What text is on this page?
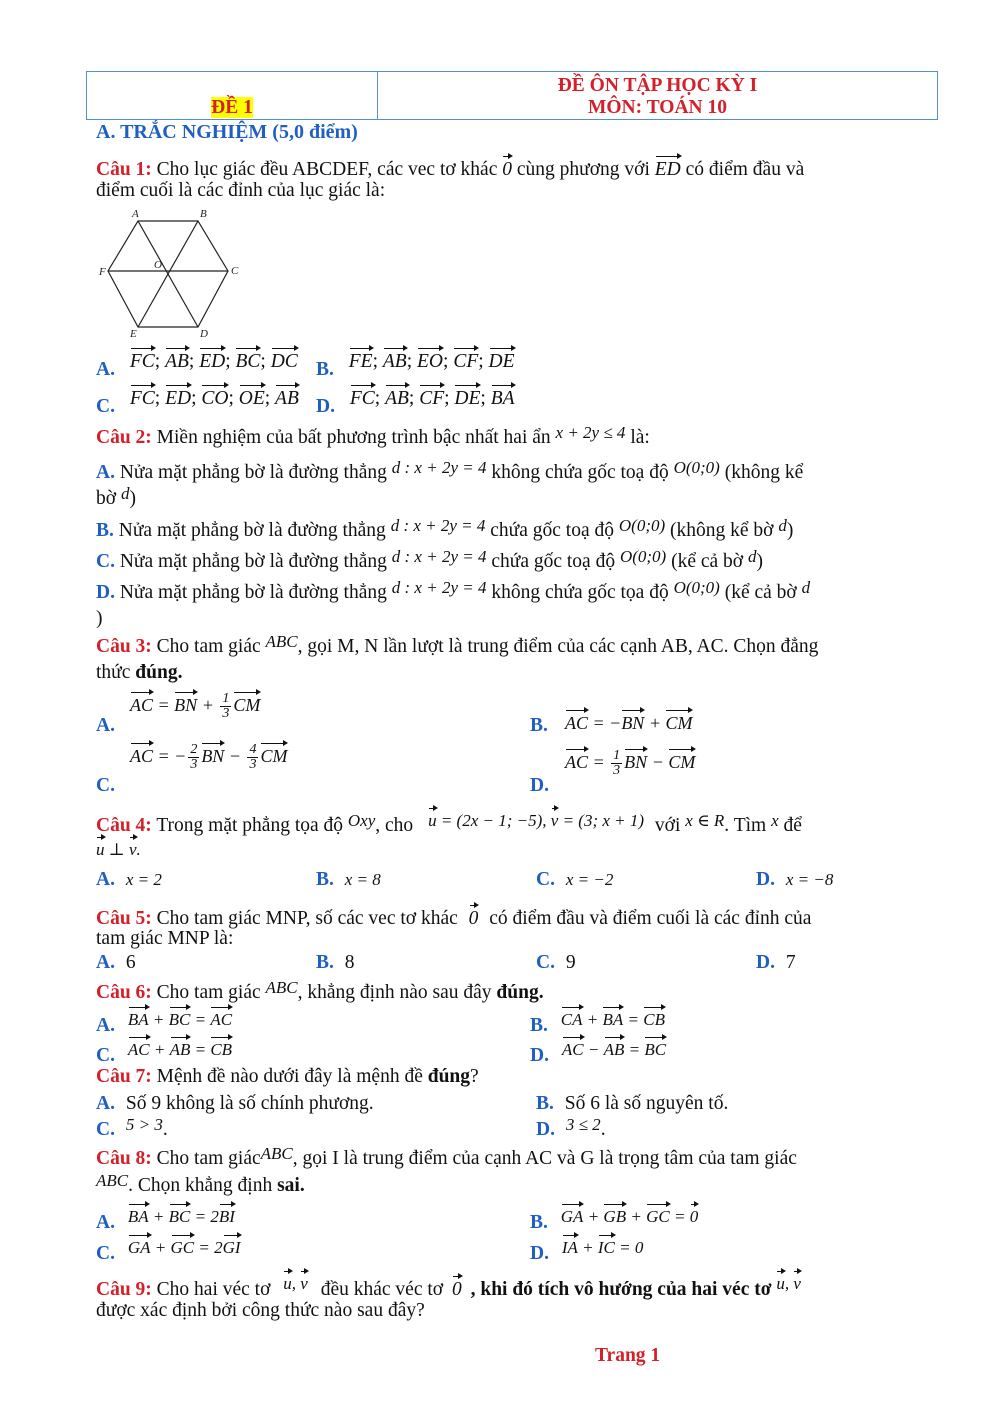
ĐỀ 1	
ĐỀ ÔN TẬP HỌC KỲ I
MÔN: TOÁN 10
A. TRẮC NGHIỆM (5,0 điểm)
Câu 1: Cho lục giác đều ABCDEF, các vec tơ khác 0 cùng phương với ED có điểm đầu và
điểm cuối là các đỉnh của lục giác là:
A	B
C
D
E
F
O
A. FC; AB; ED; BC; DC B. FE; AB; EO; CF; DE
C. FC; ED; CO; OE; AB D. FC; AB; CF; DE; BA
Câu 2: Miền nghiệm của bất phương trình bậc nhất hai ẩn x + 2y ≤ 4 là:
A. Nửa mặt phẳng bờ là đường thẳng d : x + 2y = 4 không chứa gốc toạ độ O(0;0) (không kể
bờ d)
B. Nửa mặt phẳng bờ là đường thẳng d : x + 2y = 4 chứa gốc toạ độ O(0;0) (không kể bờ d)
C. Nửa mặt phẳng bờ là đường thẳng d : x + 2y = 4 chứa gốc toạ độ O(0;0) (kể cả bờ d)
D. Nửa mặt phẳng bờ là đường thẳng d : x + 2y = 4 không chứa gốc tọa độ O(0;0) (kể cả bờ d
)
Câu 3: Cho tam giác ABC, gọi M, N lần lượt là trung điểm của các cạnh AB, AC. Chọn đẳng
thức đúng.
A.
AC = BN + $\frac{1}{3}$ CM
B. AC = −BN + CM
C.
AC = − $\frac{2}{3}$ BN − $\frac{4}{3}$ CM
D.
AC = $\frac{1}{3}$ BN − CM
Câu 4: Trong mặt phẳng tọa độ Oxy, cho u = (2x − 1; −5), v = (3; x + 1) với x ∈ R. Tìm x để
u ⊥ v.
A. x = 2	B. x = 8	C. x = −2	D. x = −8
Câu 5: Cho tam giác MNP, số các vec tơ khác 0 có điểm đầu và điểm cuối là các đỉnh của
tam giác MNP là:
A. 6	B. 8	C. 9	D. 7
Câu 6: Cho tam giác ABC, khẳng định nào sau đây đúng.
A. BA + BC = AC	B. CA + BA = CB
C. AC + AB = CB	D. AC − AB = BC
Câu 7: Mệnh đề nào dưới đây là mệnh đề đúng?
A. Số 9 không là số chính phương.	B. Số 6 là số nguyên tố.
C. 5 > 3.	D. 3 ≤ 2.
Câu 8: Cho tam giácABC, gọi I là trung điểm của cạnh AC và G là trọng tâm của tam giác
ABC. Chọn khẳng định sai.
A. BA + BC = 2BI	B. GA + GB + GC = 0
C. GA + GC = 2GI	D. IA + IC = 0
Câu 9: Cho hai véc tơ u, v đều khác véc tơ 0 , khi đó tích vô hướng của hai véc tơ u, v
được xác định bởi công thức nào sau đây?
Trang 1
